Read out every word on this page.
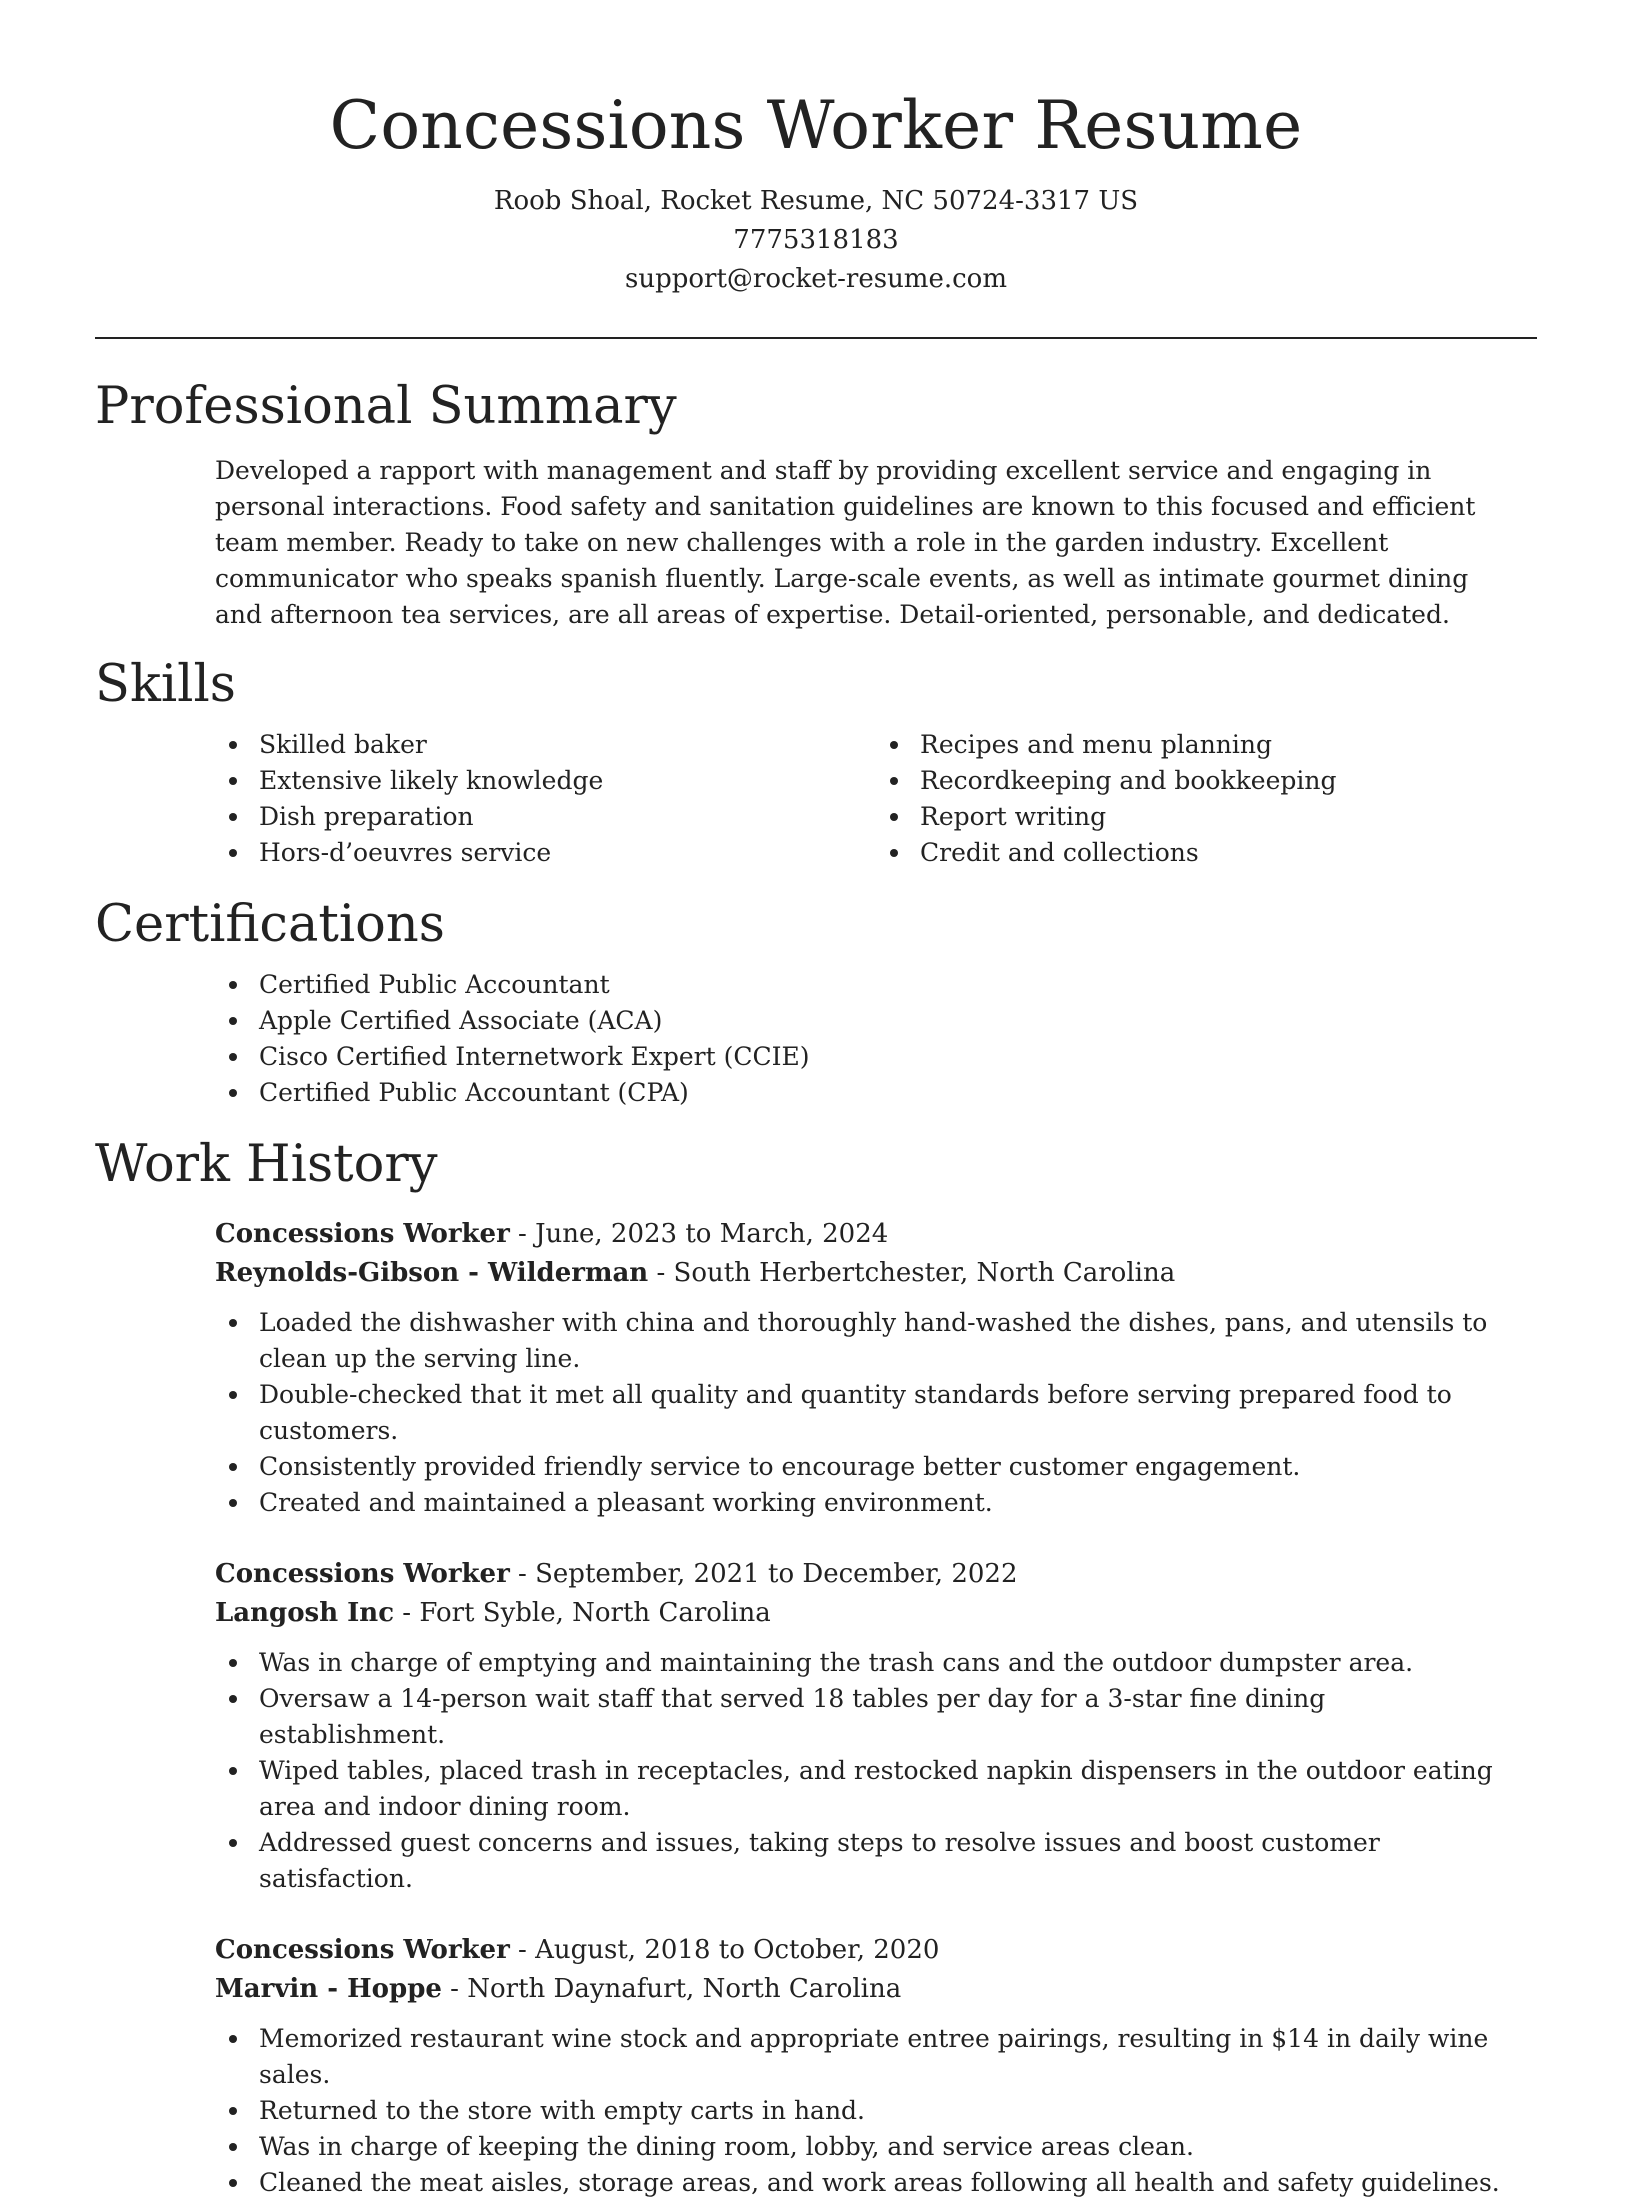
Concessions Worker Resume
Roob Shoal, Rocket Resume, NC 50724-3317 US
7775318183
support@rocket-resume.com
Professional Summary

Developed a rapport with management and staff by providing excellent service and engaging in personal interactions. Food safety and sanitation guidelines are known to this focused and efficient team member. Ready to take on new challenges with a role in the garden industry. Excellent communicator who speaks spanish fluently. Large-scale events, as well as intimate gourmet dining and afternoon tea services, are all areas of expertise. Detail-oriented, personable, and dedicated.

Skills
Skilled baker
Extensive likely knowledge
Dish preparation
Hors-d’oeuvres service
Recipes and menu planning
Recordkeeping and bookkeeping
Report writing
Credit and collections
Certifications
Certified Public Accountant
Apple Certified Associate (ACA)
Cisco Certified Internetwork Expert (CCIE)
Certified Public Accountant (CPA)
Work History
Concessions Worker - June, 2023 to March, 2024
Reynolds-Gibson - Wilderman - South Herbertchester, North Carolina
Loaded the dishwasher with china and thoroughly hand-washed the dishes, pans, and utensils to clean up the serving line.
Double-checked that it met all quality and quantity standards before serving prepared food to customers.
Consistently provided friendly service to encourage better customer engagement.
Created and maintained a pleasant working environment.
Concessions Worker - September, 2021 to December, 2022
Langosh Inc - Fort Syble, North Carolina
Was in charge of emptying and maintaining the trash cans and the outdoor dumpster area.
Oversaw a 14-person wait staff that served 18 tables per day for a 3-star fine dining establishment.
Wiped tables, placed trash in receptacles, and restocked napkin dispensers in the outdoor eating area and indoor dining room.
Addressed guest concerns and issues, taking steps to resolve issues and boost customer satisfaction.
Concessions Worker - August, 2018 to October, 2020
Marvin - Hoppe - North Daynafurt, North Carolina
Memorized restaurant wine stock and appropriate entree pairings, resulting in $14 in daily wine sales.
Returned to the store with empty carts in hand.
Was in charge of keeping the dining room, lobby, and service areas clean.
Cleaned the meat aisles, storage areas, and work areas following all health and safety guidelines.
